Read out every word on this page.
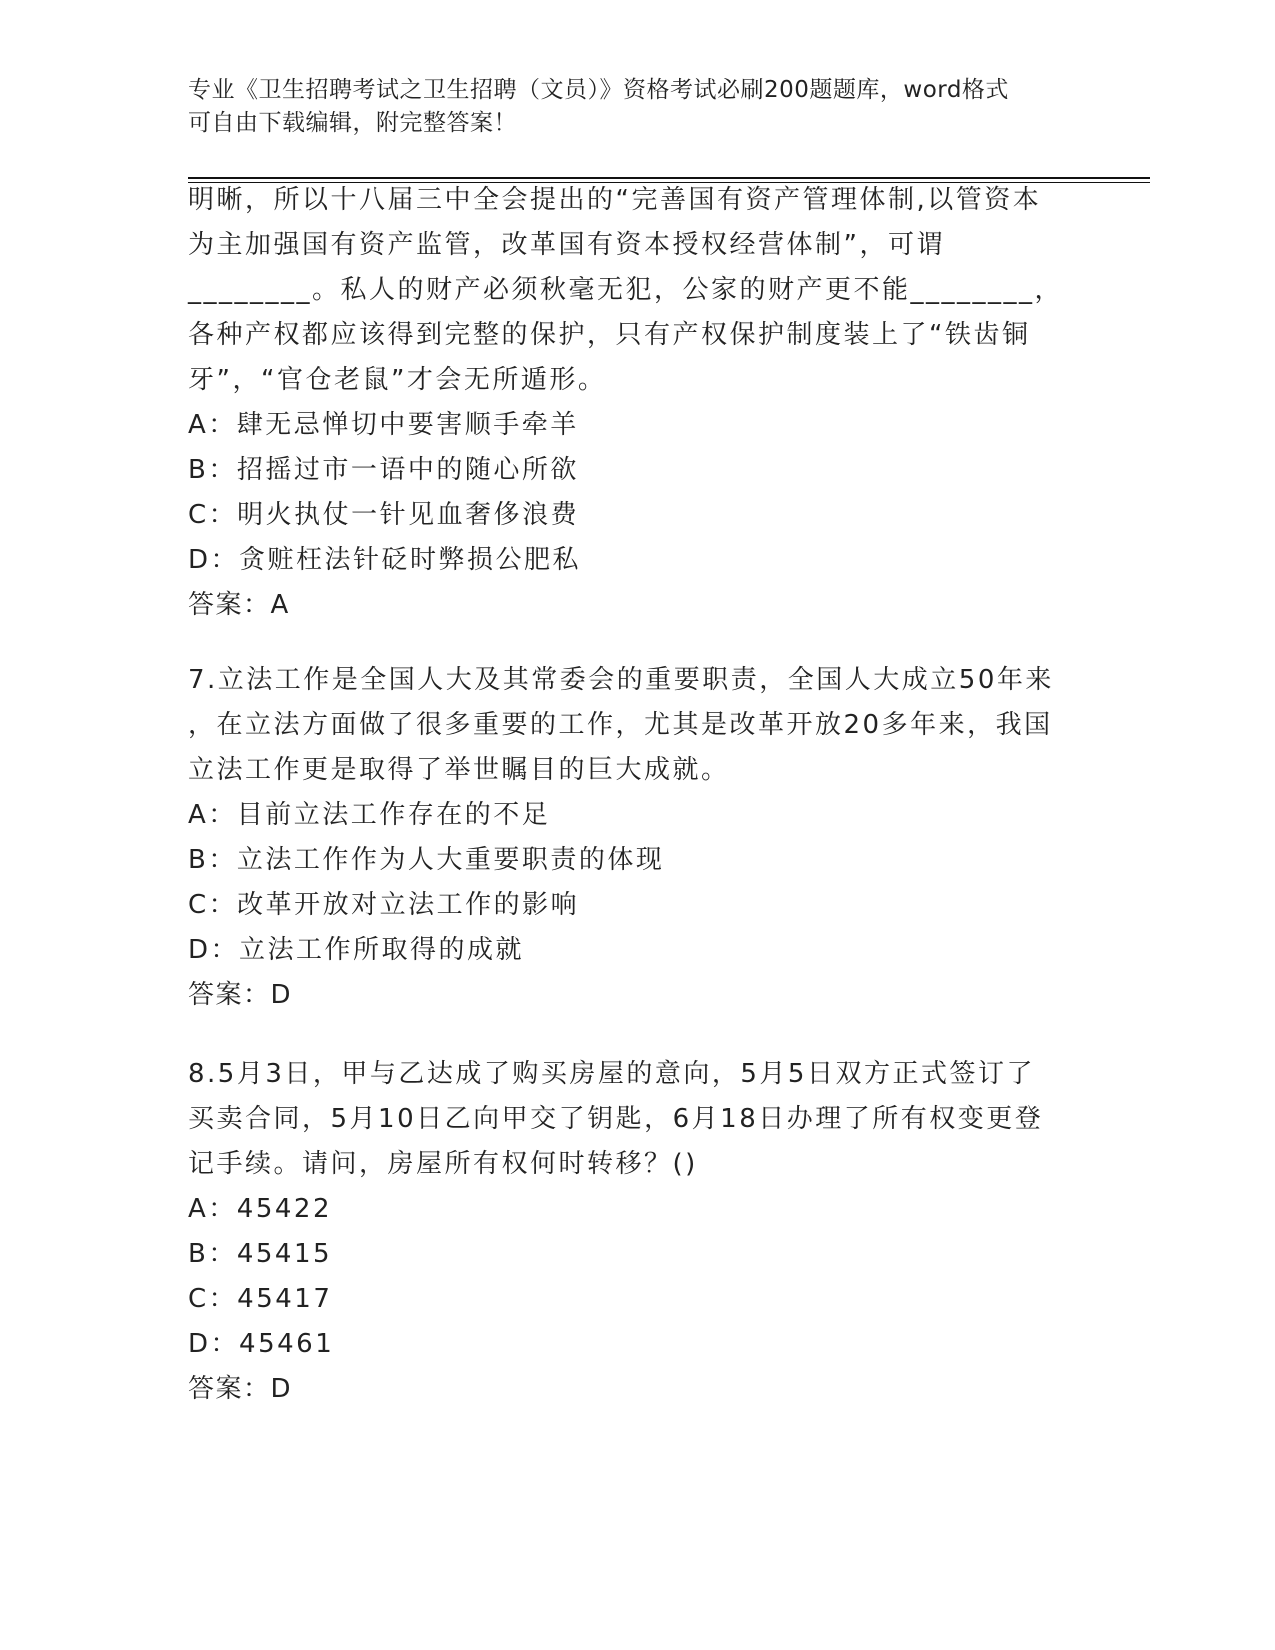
专业《卫生招聘考试之卫生招聘（文员）》资格考试必刷200题题库，word格式
可自由下载编辑，附完整答案！
明晰，所以十八届三中全会提出的“完善国有资产管理体制,以管资本
为主加强国有资产监管，改革国有资本授权经营体制”，可谓
________。私人的财产必须秋毫无犯，公家的财产更不能________，
各种产权都应该得到完整的保护，只有产权保护制度装上了“铁齿铜
牙”，“官仓老鼠”才会无所遁形。
A：肆无忌惮切中要害顺手牵羊
B：招摇过市一语中的随心所欲
C：明火执仗一针见血奢侈浪费
D：贪赃枉法针砭时弊损公肥私
答案：A
7.立法工作是全国人大及其常委会的重要职责，全国人大成立50年来
，在立法方面做了很多重要的工作，尤其是改革开放20多年来，我国
立法工作更是取得了举世瞩目的巨大成就。
A：目前立法工作存在的不足
B：立法工作作为人大重要职责的体现
C：改革开放对立法工作的影响
D：立法工作所取得的成就
答案：D
8.5月3日，甲与乙达成了购买房屋的意向，5月5日双方正式签订了
买卖合同，5月10日乙向甲交了钥匙，6月18日办理了所有权变更登
记手续。请问，房屋所有权何时转移？()
A：45422
B：45415
C：45417
D：45461
答案：D
